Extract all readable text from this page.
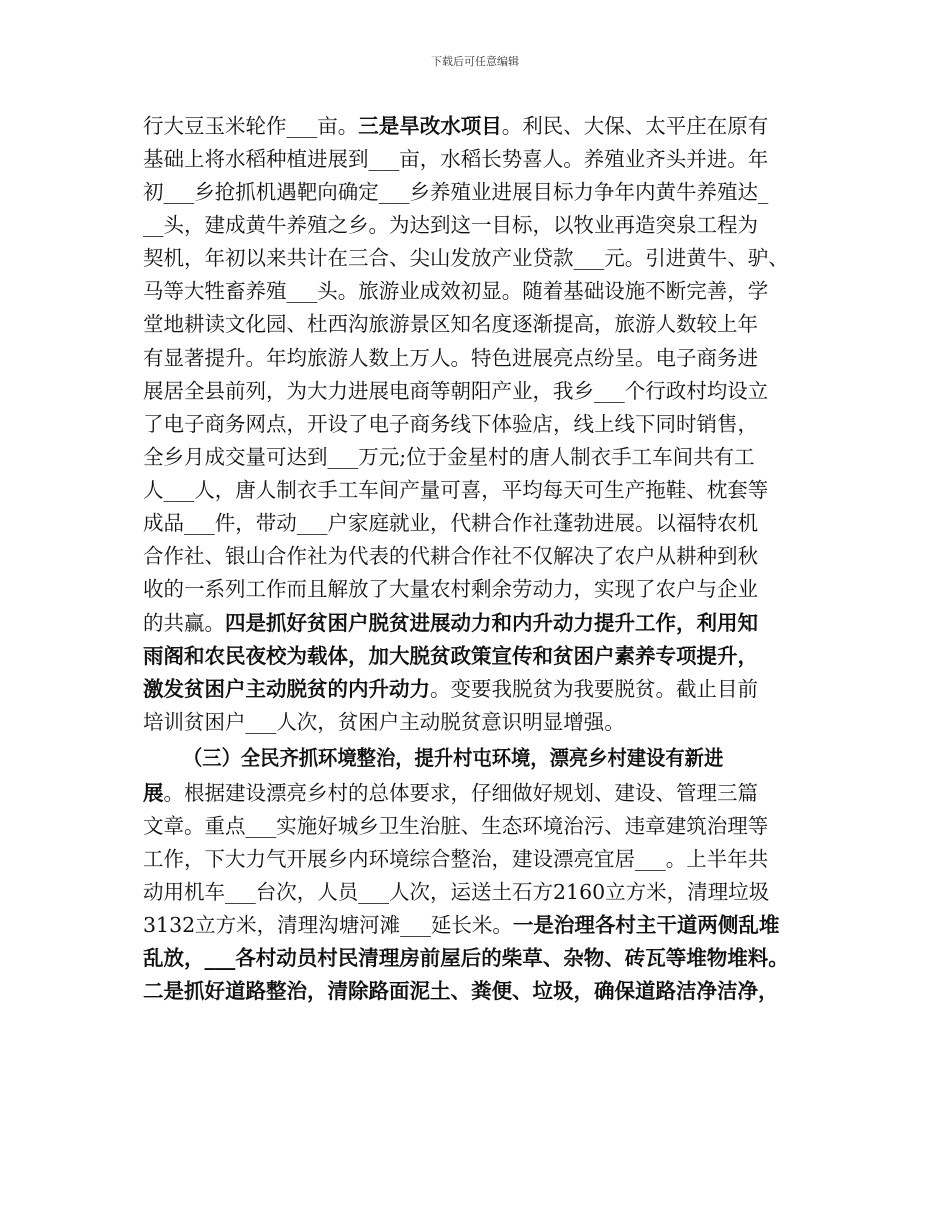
下载后可任意编辑
行大豆玉米轮作___亩。三是旱改水项目。利民、大保、太平庄在原有
基础上将水稻种植进展到___亩，水稻长势喜人。养殖业齐头并进。年
初___乡抢抓机遇靶向确定___乡养殖业进展目标力争年内黄牛养殖达_
__头，建成黄牛养殖之乡。为达到这一目标，以牧业再造突泉工程为
契机，年初以来共计在三合、尖山发放产业贷款___元。引进黄牛、驴、
马等大牲畜养殖___头。旅游业成效初显。随着基础设施不断完善，学
堂地耕读文化园、杜西沟旅游景区知名度逐渐提高，旅游人数较上年
有显著提升。年均旅游人数上万人。特色进展亮点纷呈。电子商务进
展居全县前列，为大力进展电商等朝阳产业，我乡___个行政村均设立
了电子商务网点，开设了电子商务线下体验店，线上线下同时销售，
全乡月成交量可达到___万元;位于金星村的唐人制衣手工车间共有工
人___人，唐人制衣手工车间产量可喜，平均每天可生产拖鞋、枕套等
成品___件，带动___户家庭就业，代耕合作社蓬勃进展。以福特农机
合作社、银山合作社为代表的代耕合作社不仅解决了农户从耕种到秋
收的一系列工作而且解放了大量农村剩余劳动力，实现了农户与企业
的共赢。四是抓好贫困户脱贫进展动力和内升动力提升工作，利用知
雨阁和农民夜校为载体，加大脱贫政策宣传和贫困户素养专项提升，
激发贫困户主动脱贫的内升动力。变要我脱贫为我要脱贫。截止目前
培训贫困户___人次，贫困户主动脱贫意识明显增强。
（三）全民齐抓环境整治，提升村屯环境，漂亮乡村建设有新进
展。根据建设漂亮乡村的总体要求，仔细做好规划、建设、管理三篇
文章。重点___实施好城乡卫生治脏、生态环境治污、违章建筑治理等
工作，下大力气开展乡内环境综合整治，建设漂亮宜居___。上半年共
动用机车___台次，人员___人次，运送土石方2160立方米，清理垃圾
3132立方米，清理沟塘河滩___延长米。一是治理各村主干道两侧乱堆
乱放，___各村动员村民清理房前屋后的柴草、杂物、砖瓦等堆物堆料。
二是抓好道路整治，清除路面泥土、粪便、垃圾，确保道路洁净洁净，
